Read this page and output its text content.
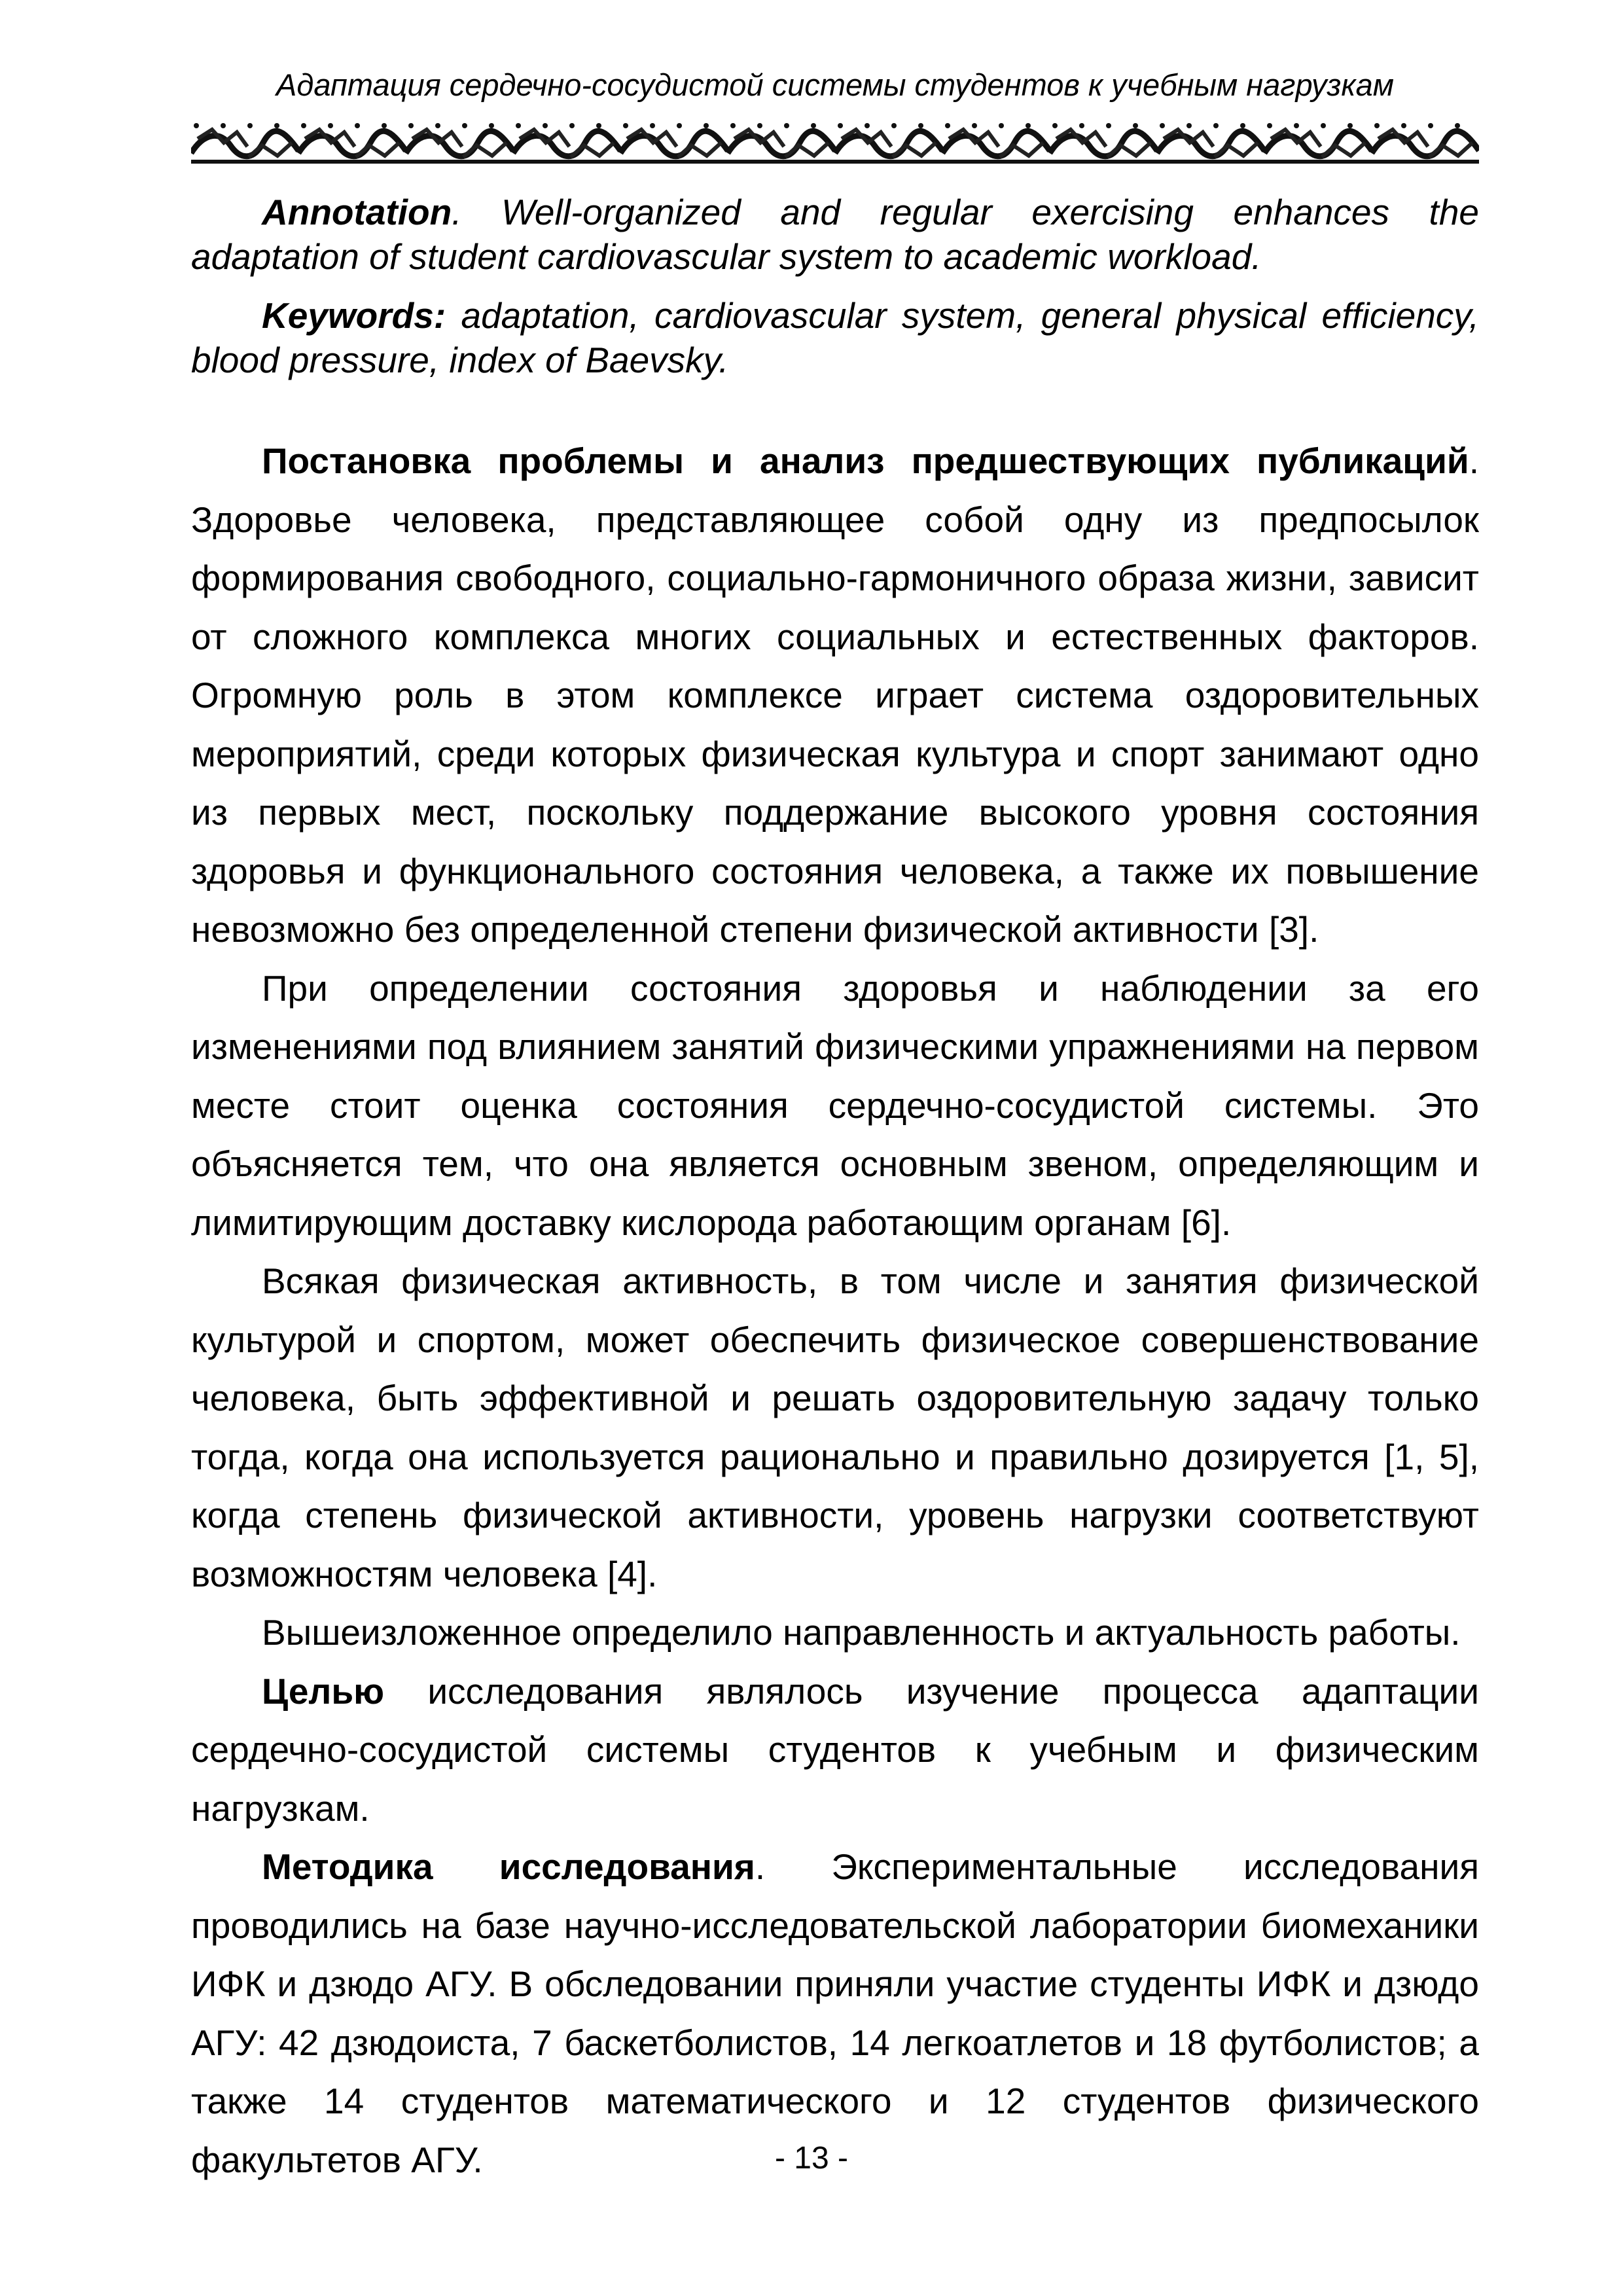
Адаптация сердечно-сосудистой системы студентов к учебным нагрузкам

Annotation. Well-organized and regular exercising enhances the adaptation of student cardiovascular system to academic workload.

Keywords: adaptation, cardiovascular system, general physical efficiency, blood pressure, index of Baevsky.

Постановка проблемы и анализ предшествующих публикаций. Здоровье человека, представляющее собой одну из предпосылок формирования свободного, социально-гармоничного образа жизни, зависит от сложного комплекса многих социальных и естественных факторов. Огромную роль в этом комплексе играет система оздоровительных мероприятий, среди которых физическая культура и спорт занимают одно из первых мест, поскольку поддержание высокого уровня состояния здоровья и функционального состояния человека, а также их повышение невозможно без определенной степени физической активности [3].

При определении состояния здоровья и наблюдении за его изменениями под влиянием занятий физическими упражнениями на первом месте стоит оценка состояния сердечно-сосудистой системы. Это объясняется тем, что она является основным звеном, определяющим и лимитирующим доставку кислорода работающим органам [6].

Всякая физическая активность, в том числе и занятия физической культурой и спортом, может обеспечить физическое совершенствование человека, быть эффективной и решать оздоровительную задачу только тогда, когда она используется рационально и правильно дозируется [1, 5], когда степень физической активности, уровень нагрузки соответствуют возможностям человека [4].

Вышеизложенное определило направленность и актуальность работы.

Целью исследования являлось изучение процесса адаптации сердечно-сосудистой системы студентов к учебным и физическим нагрузкам.

Методика исследования. Экспериментальные исследования проводились на базе научно-исследовательской лаборатории биомеханики ИФК и дзюдо АГУ. В обследовании приняли участие студенты ИФК и дзюдо АГУ: 42 дзюдоиста, 7 баскетболистов, 14 легкоатлетов и 18 футболистов; а также 14 студентов математического и 12 студентов физического факультетов АГУ.	- 13 -
